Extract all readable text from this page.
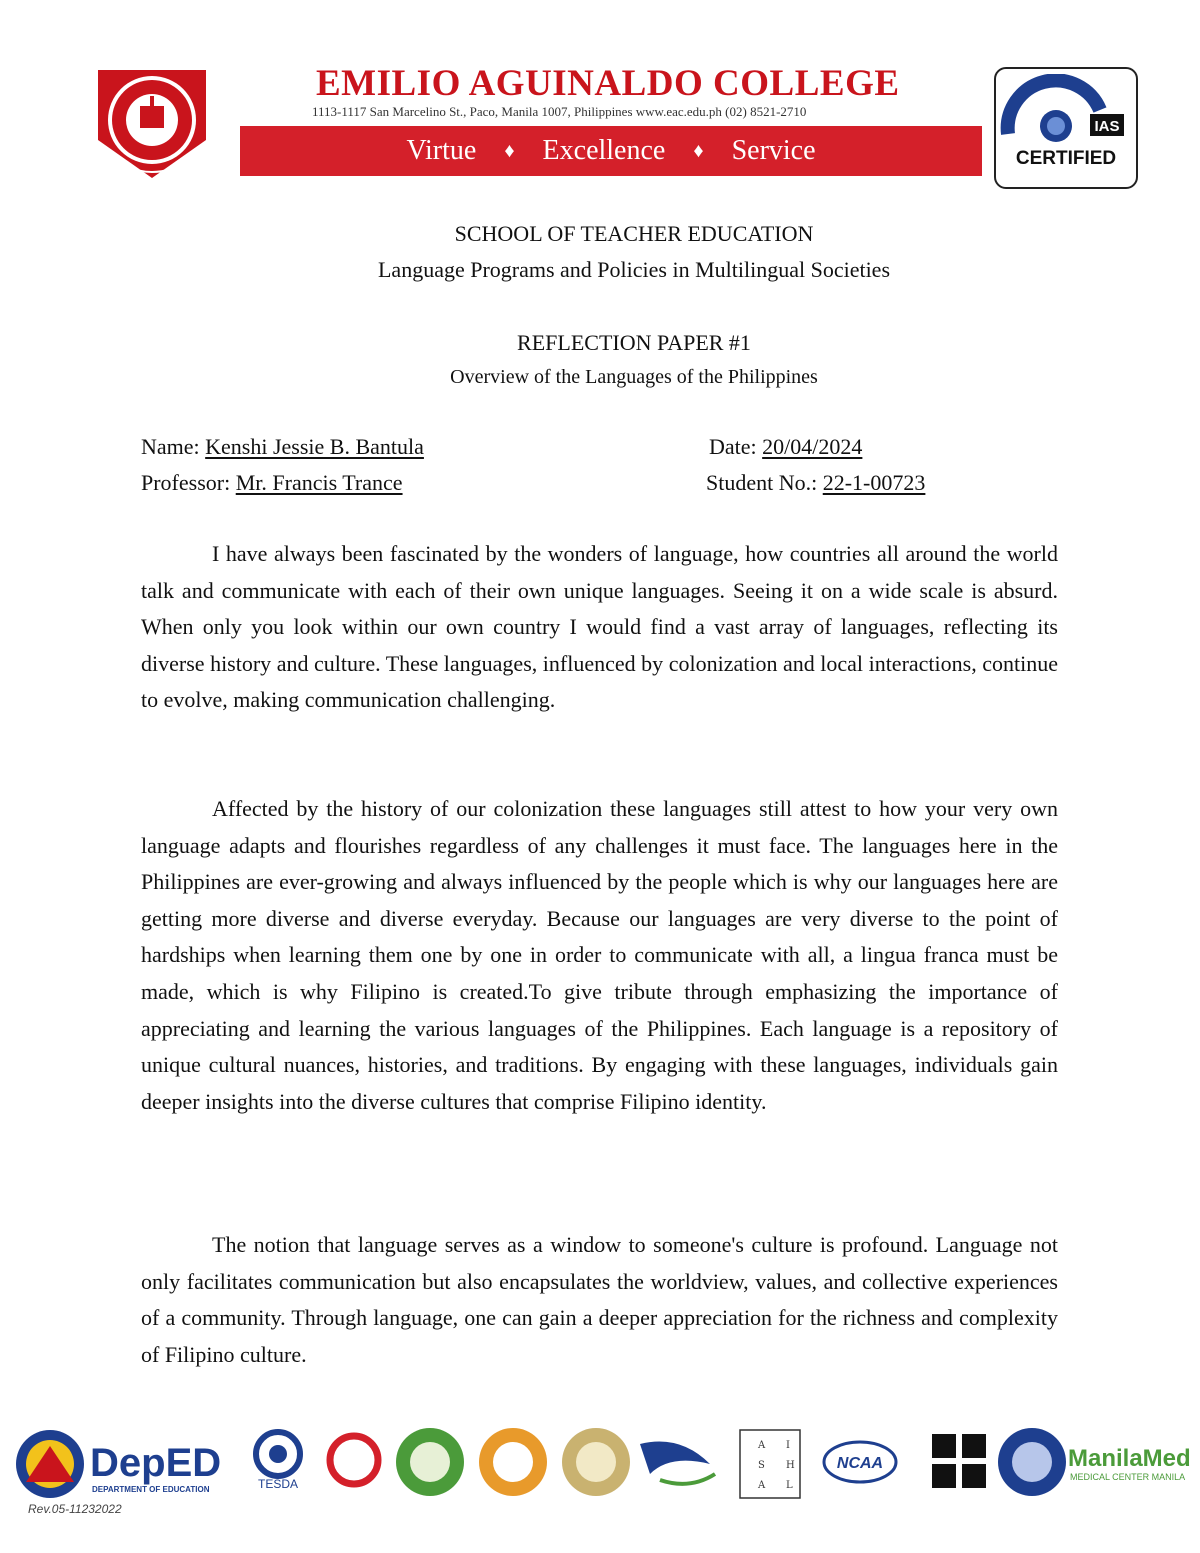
EMILIO AGUINALDO COLLEGE
1113-1117 San Marcelino St., Paco, Manila 1007, Philippines www.eac.edu.ph (02) 8521-2710
Virtue ♦ Excellence ♦ Service
IAS
ISO
CERTIFIED
SCHOOL OF TEACHER EDUCATION
Language Programs and Policies in Multilingual Societies
REFLECTION PAPER #1
Overview of the Languages of the Philippines
Name: Kenshi Jessie B. Bantula	Date: 20/04/2024
Professor: Mr. Francis Trance	Student No.: 22-1-00723

I have always been fascinated by the wonders of language, how countries all around the world talk and communicate with each of their own unique languages. Seeing it on a wide scale is absurd. When only you look within our own country I would find a vast array of languages, reflecting its diverse history and culture. These languages, influenced by colonization and local interactions, continue to evolve, making communication challenging.

Affected by the history of our colonization these languages still attest to how your very own language adapts and flourishes regardless of any challenges it must face. The languages here in the Philippines are ever-growing and always influenced by the people which is why our languages here are getting more diverse and diverse everyday. Because our languages are very diverse to the point of hardships when learning them one by one in order to communicate with all, a lingua franca must be made, which is why Filipino is created.To give tribute through emphasizing the importance of appreciating and learning the various languages of the Philippines. Each language is a repository of unique cultural nuances, histories, and traditions. By engaging with these languages, individuals gain deeper insights into the diverse cultures that comprise Filipino identity.

The notion that language serves as a window to someone's culture is profound. Language not only facilitates communication but also encapsulates the worldview, values, and collective experiences of a community. Through language, one can gain a deeper appreciation for the richness and complexity of Filipino culture.

DepED
DEPARTMENT OF EDUCATION	TESDA
A
S
A
I
H
L
NCAA	ManilaMed
MEDICAL CENTER MANILA
Rev.05-11232022
